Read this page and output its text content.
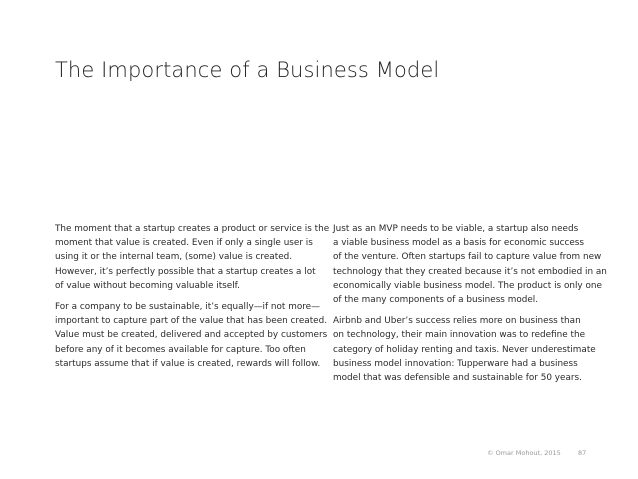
The Importance of a Business Model

The moment that a startup creates a product or service is the
moment that value is created. Even if only a single user is
using it or the internal team, (some) value is created.
However, it’s perfectly possible that a startup creates a lot
of value without becoming valuable itself.

For a company to be sustainable, it’s equally—if not more—
important to capture part of the value that has been created.
Value must be created, delivered and accepted by customers
before any of it becomes available for capture. Too often
startups assume that if value is created, rewards will follow.

Just as an MVP needs to be viable, a startup also needs
a viable business model as a basis for economic success
of the venture. Often startups fail to capture value from new
technology that they created because it’s not embodied in an
economically viable business model. The product is only one
of the many components of a business model.

Airbnb and Uber’s success relies more on business than
on technology, their main innovation was to redefine the
category of holiday renting and taxis. Never underestimate
business model innovation: Tupperware had a business
model that was defensible and sustainable for 50 years.

© Omar Mohout, 2015	87
